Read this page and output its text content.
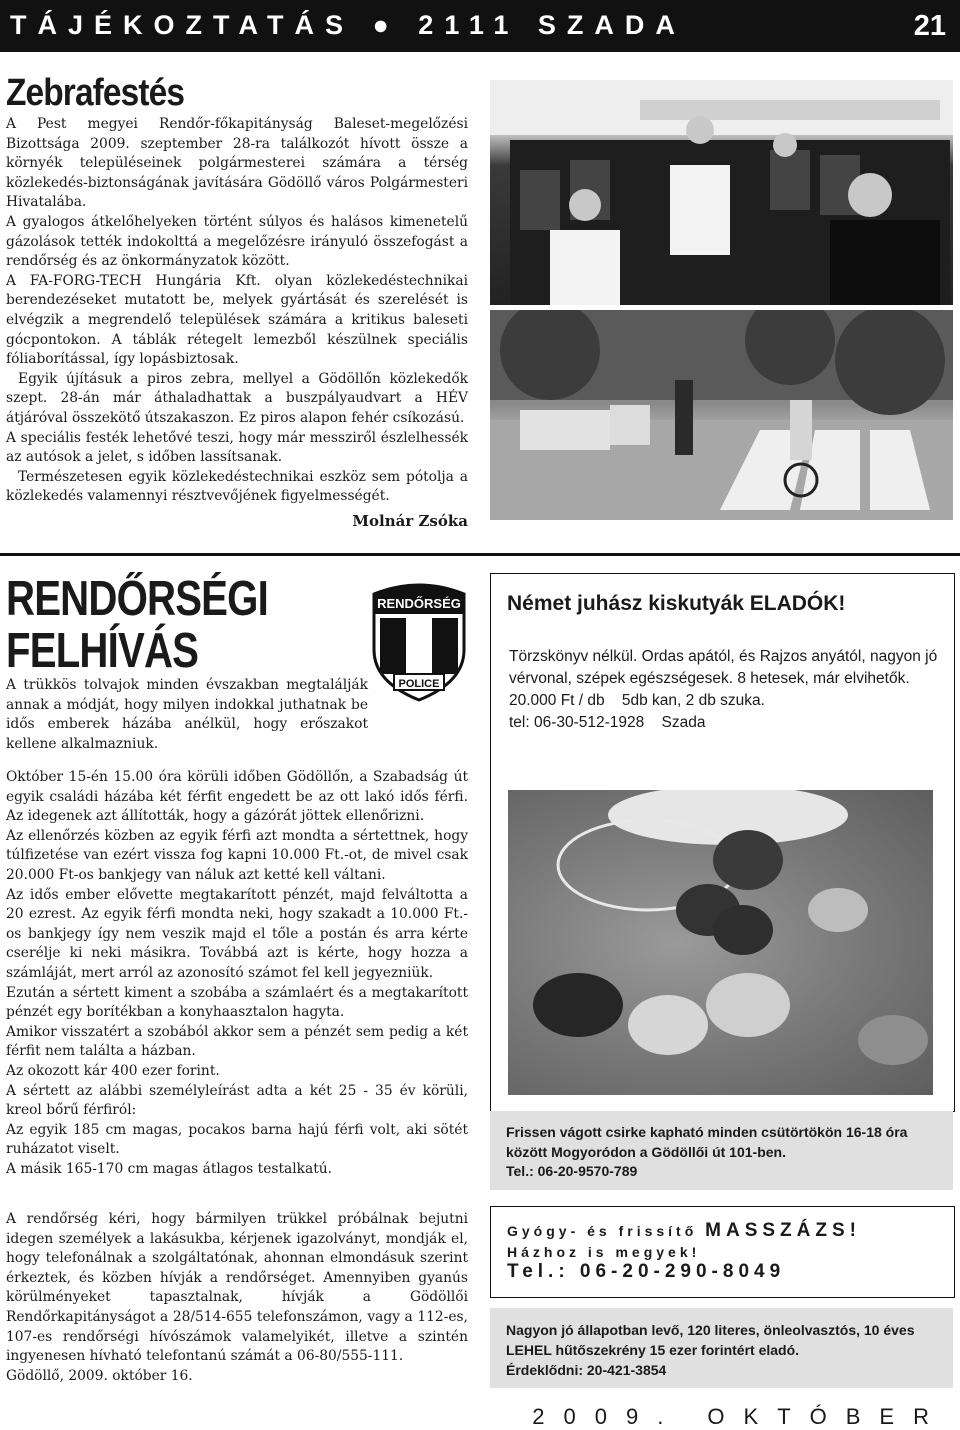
TÁJÉKOZTATÁS ● 2111 SZADA	21
Zebrafestés

A Pest megyei Rendőr-főkapitányság Baleset-megelőzési Bizottsága 2009. szeptember 28-ra találkozót hívott össze a környék településeinek polgármesterei számára a térség közlekedés-biztonságának javítására Gödöllő város Polgármesteri Hivatalába.

A gyalogos átkelőhelyeken történt súlyos és halásos kimenetelű gázolások tették indokolttá a megelőzésre irányuló összefogást a rendőrség és az önkormányzatok között.

A FA-FORG-TECH Hungária Kft. olyan közlekedéstechnikai berendezéseket mutatott be, melyek gyártását és szerelését is elvégzik a megrendelő települések számára a kritikus baleseti gócpontokon. A táblák rétegelt lemezből készülnek speciális fóliaborítással, így lopásbiztosak.

Egyik újításuk a piros zebra, mellyel a Gödöllőn közlekedők szept. 28-án már áthaladhattak a buszpályaudvart a HÉV átjáróval összekötő útszakaszon. Ez piros alapon fehér csíkozású.

A speciális festék lehetővé teszi, hogy már messziről észlelhessék az autósok a jelet, s időben lassítsanak.

Természetesen egyik közlekedéstechnikai eszköz sem pótolja a közlekedés valamennyi résztvevőjének figyelmességét.

Molnár Zsóka
RENDŐRSÉGI
FELHÍVÁS
RENDŐRSÉG
POLICE
A trükkös tolvajok minden évszakban megtalálják annak a módját, hogy milyen indokkal juthatnak be idős emberek házába anélkül, hogy erőszakot kellene alkalmazniuk.

Október 15-én 15.00 óra körüli időben Gödöllőn, a Szabadság út egyik családi házába két férfit engedett be az ott lakó idős férfi. Az idegenek azt állították, hogy a gázórát jöttek ellenőrizni.

Az ellenőrzés közben az egyik férfi azt mondta a sértettnek, hogy túlfizetése van ezért vissza fog kapni 10.000 Ft.-ot, de mivel csak 20.000 Ft-os bankjegy van náluk azt ketté kell váltani.

Az idős ember elővette megtakarított pénzét, majd felváltotta a 20 ezrest. Az egyik férfi mondta neki, hogy szakadt a 10.000 Ft.-os bankjegy így nem veszik majd el tőle a postán és arra kérte cserélje ki neki másikra. Továbbá azt is kérte, hogy hozza a számláját, mert arról az azonosító számot fel kell jegyezniük.

Ezután a sértett kiment a szobába a számlaért és a megtakarított pénzét egy borítékban a konyhaasztalon hagyta.

Amikor visszatért a szobából akkor sem a pénzét sem pedig a két férfit nem találta a házban.

Az okozott kár 400 ezer forint.

A sértett az alábbi személyleírást adta a két 25 - 35 év körüli, kreol bőrű férfiról:

Az egyik 185 cm magas, pocakos barna hajú férfi volt, aki sötét ruházatot viselt.

A másik 165-170 cm magas átlagos testalkatú.

A rendőrség kéri, hogy bármilyen trükkel próbálnak bejutni idegen személyek a lakásukba, kérjenek igazolványt, mondják el, hogy telefonálnak a szolgáltatónak, ahonnan elmondásuk szerint érkeztek, és közben hívják a rendőrséget. Amennyiben gyanús körülményeket tapasztalnak, hívják a Gödöllői Rendőrkapitányságot a 28/514-655 telefonszámon, vagy a 112-es, 107-es rendőrségi hívószámok valamelyikét, illetve a szintén ingyenesen hívható telefontanú számát a 06-80/555-111.

Gödöllő, 2009. október 16.

Német juhász kiskutyák ELADÓK!

Törzskönyv nélkül. Ordas apától, és Rajzos anyától, nagyon jó vérvonal, szépek egészségesek. 8 hetesek, már elvihetők.

20.000 Ft / db    5db kan, 2 db szuka.

tel: 06-30-512-1928    Szada

Frissen vágott csirke kapható minden csütörtökön 16-18 óra között Mogyoródon a Gödöllői út 101-ben.
Tel.: 06-20-9570-789
Gyógy- és frissítő MASSZÁZS!
Házhoz is megyek!
Tel.: 06-20-290-8049
Nagyon jó állapotban levő, 120 literes, önleolvasztós, 10 éves LEHEL hűtőszekrény 15 ezer forintért eladó.
Érdeklődni: 20-421-3854
2009. OKTÓBER
